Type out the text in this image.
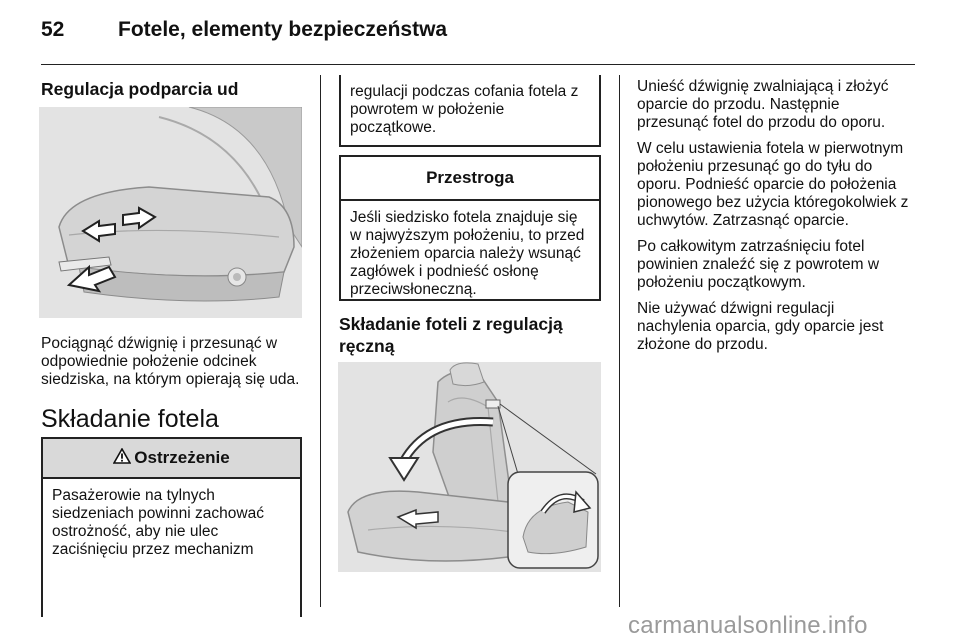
52	Fotele, elementy bezpieczeństwa
Regulacja podparcia ud

Pociągnąć dźwignię i przesunąć w odpowiednie położenie odcinek siedziska, na którym opierają się uda.

Składanie fotela
Ostrzeżenie
Pasażerowie na tylnych siedzeniach powinni zachować ostrożność, aby nie ulec zaciśnięciu przez mechanizm
regulacji podczas cofania fotela z powrotem w położenie początkowe.
Przestroga
Jeśli siedzisko fotela znajduje się w najwyższym położeniu, to przed złożeniem oparcia należy wsunąć zagłówek i podnieść osłonę przeciwsłoneczną.
Składanie foteli z regulacją ręczną

Unieść dźwignię zwalniającą i złożyć oparcie do przodu. Następnie przesunąć fotel do przodu do oporu.

W celu ustawienia fotela w pierwotnym położeniu przesunąć go do tyłu do oporu. Podnieść oparcie do położenia pionowego bez użycia któregokolwiek z uchwytów. Zatrzasnąć oparcie.

Po całkowitym zatrzaśnięciu fotel powinien znaleźć się z powrotem w położeniu początkowym.

Nie używać dźwigni regulacji nachylenia oparcia, gdy oparcie jest złożone do przodu.

carmanualsonline.info
